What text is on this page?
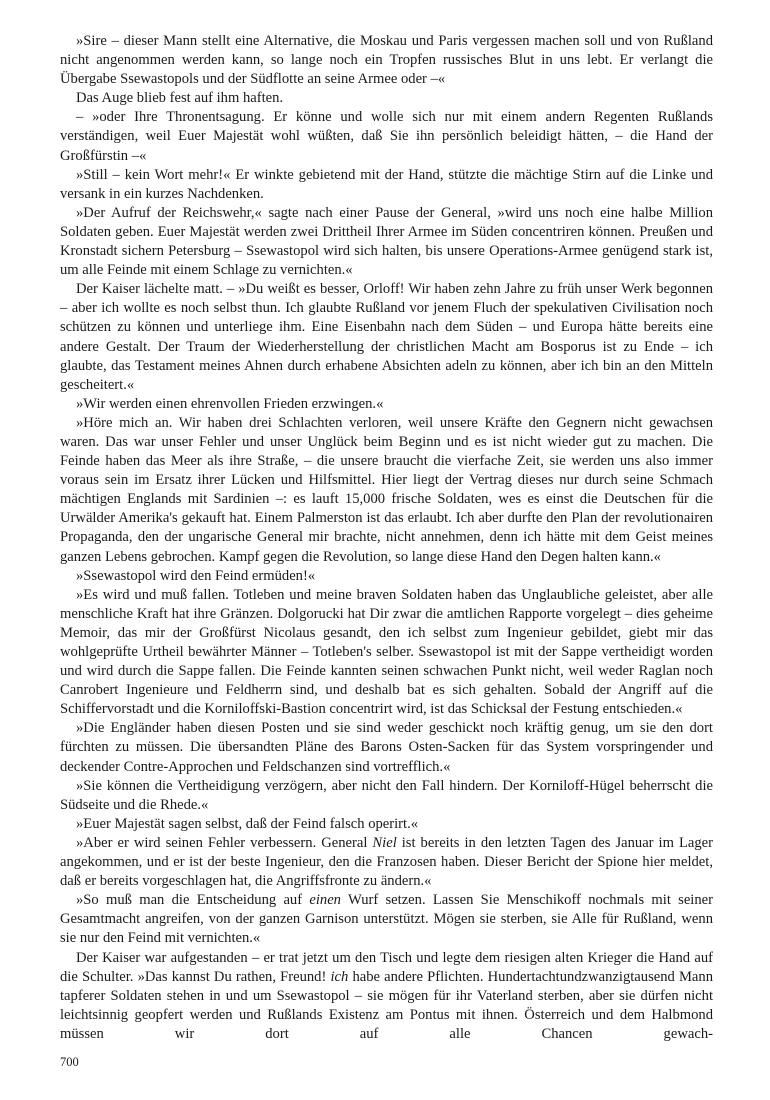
»Sire – dieser Mann stellt eine Alternative, die Moskau und Paris vergessen machen soll und von Rußland nicht angenommen werden kann, so lange noch ein Tropfen russisches Blut in uns lebt. Er verlangt die Übergabe Ssewastopols und der Südflotte an seine Armee oder –«

Das Auge blieb fest auf ihm haften.

– »oder Ihre Thronentsagung. Er könne und wolle sich nur mit einem andern Regenten Rußlands verständigen, weil Euer Majestät wohl wüßten, daß Sie ihn persönlich beleidigt hätten, – die Hand der Großfürstin –«

»Still – kein Wort mehr!« Er winkte gebietend mit der Hand, stützte die mächtige Stirn auf die Linke und versank in ein kurzes Nachdenken.

»Der Aufruf der Reichswehr,« sagte nach einer Pause der General, »wird uns noch eine halbe Million Soldaten geben. Euer Majestät werden zwei Drittheil Ihrer Armee im Süden concentriren können. Preußen und Kronstadt sichern Petersburg – Ssewastopol wird sich halten, bis unsere Operations-Armee genügend stark ist, um alle Feinde mit einem Schlage zu vernichten.«

Der Kaiser lächelte matt. – »Du weißt es besser, Orloff! Wir haben zehn Jahre zu früh unser Werk begonnen – aber ich wollte es noch selbst thun. Ich glaubte Rußland vor jenem Fluch der spekulativen Civilisation noch schützen zu können und unterliege ihm. Eine Eisenbahn nach dem Süden – und Europa hätte bereits eine andere Gestalt. Der Traum der Wiederherstellung der christlichen Macht am Bosporus ist zu Ende – ich glaubte, das Testament meines Ahnen durch erhabene Absichten adeln zu können, aber ich bin an den Mitteln gescheitert.«

»Wir werden einen ehrenvollen Frieden erzwingen.«

»Höre mich an. Wir haben drei Schlachten verloren, weil unsere Kräfte den Gegnern nicht gewachsen waren. Das war unser Fehler und unser Unglück beim Beginn und es ist nicht wieder gut zu machen. Die Feinde haben das Meer als ihre Straße, – die unsere braucht die vierfache Zeit, sie werden uns also immer voraus sein im Ersatz ihrer Lücken und Hilfsmittel. Hier liegt der Vertrag dieses nur durch seine Schmach mächtigen Englands mit Sardinien –: es lauft 15,000 frische Soldaten, wes es einst die Deutschen für die Urwälder Amerika's gekauft hat. Einem Palmerston ist das erlaubt. Ich aber durfte den Plan der revolutionairen Propaganda, den der ungarische General mir brachte, nicht annehmen, denn ich hätte mit dem Geist meines ganzen Lebens gebrochen. Kampf gegen die Revolution, so lange diese Hand den Degen halten kann.«

»Ssewastopol wird den Feind ermüden!«

»Es wird und muß fallen. Totleben und meine braven Soldaten haben das Unglaubliche geleistet, aber alle menschliche Kraft hat ihre Gränzen. Dolgorucki hat Dir zwar die amtlichen Rapporte vorgelegt – dies geheime Memoir, das mir der Großfürst Nicolaus gesandt, den ich selbst zum Ingenieur gebildet, giebt mir das wohlgeprüfte Urtheil bewährter Männer – Totleben's selber. Ssewastopol ist mit der Sappe vertheidigt worden und wird durch die Sappe fallen. Die Feinde kannten seinen schwachen Punkt nicht, weil weder Raglan noch Canrobert Ingenieure und Feldherrn sind, und deshalb bat es sich gehalten. Sobald der Angriff auf die Schiffervorstadt und die Korniloffski-Bastion concentrirt wird, ist das Schicksal der Festung entschieden.«

»Die Engländer haben diesen Posten und sie sind weder geschickt noch kräftig genug, um sie den dort fürchten zu müssen. Die übersandten Pläne des Barons Osten-Sacken für das System vorspringender und deckender Contre-Approchen und Feldschanzen sind vortrefflich.«

»Sie können die Vertheidigung verzögern, aber nicht den Fall hindern. Der Korniloff-Hügel beherrscht die Südseite und die Rhede.«

»Euer Majestät sagen selbst, daß der Feind falsch operirt.«

»Aber er wird seinen Fehler verbessern. General Niel ist bereits in den letzten Tagen des Januar im Lager angekommen, und er ist der beste Ingenieur, den die Franzosen haben. Dieser Bericht der Spione hier meldet, daß er bereits vorgeschlagen hat, die Angriffsfronte zu ändern.«

»So muß man die Entscheidung auf einen Wurf setzen. Lassen Sie Menschikoff nochmals mit seiner Gesamtmacht angreifen, von der ganzen Garnison unterstützt. Mögen sie sterben, sie Alle für Rußland, wenn sie nur den Feind mit vernichten.«

Der Kaiser war aufgestanden – er trat jetzt um den Tisch und legte dem riesigen alten Krieger die Hand auf die Schulter. »Das kannst Du rathen, Freund! ich habe andere Pflichten. Hundertachtundzwanzigtausend Mann tapferer Soldaten stehen in und um Ssewastopol – sie mögen für ihr Vaterland sterben, aber sie dürfen nicht leichtsinnig geopfert werden und Rußlands Existenz am Pontus mit ihnen. Österreich und dem Halbmond müssen wir dort auf alle Chancen gewach-

700
